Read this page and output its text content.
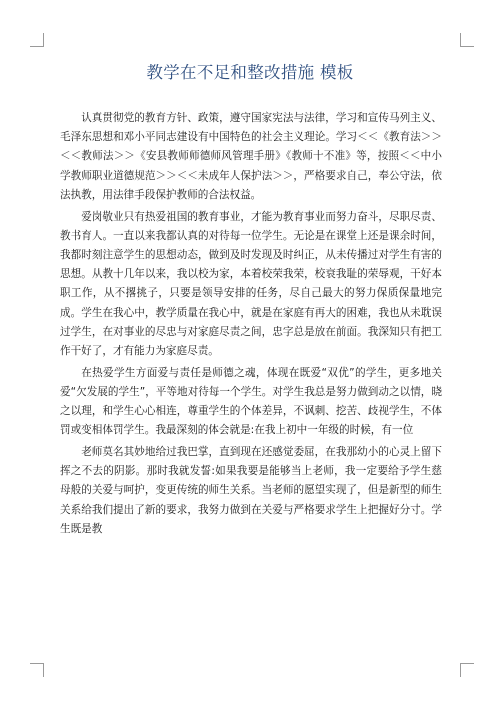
教学在不足和整改措施 模板

认真贯彻党的教育方针、政策，遵守国家宪法与法律，学习和宣传马列主义、毛泽东思想和邓小平同志建设有中国特色的社会主义理论。学习＜＜《教育法＞＞＜＜教师法＞＞《安县教师师德师风管理手册》《教师十不准》等，按照＜＜中小学教师职业道德规范＞＞＜＜未成年人保护法＞＞，严格要求自己，奉公守法，依法执教，用法律手段保护教师的合法权益。

爱岗敬业只有热爱祖国的教育事业，才能为教育事业而努力奋斗，尽职尽责、教书育人。一直以来我都认真的对待每一位学生。无论是在课堂上还是课余时间，我都时刻注意学生的思想动态，做到及时发现及时纠正，从未传播过对学生有害的思想。从教十几年以来，我以校为家，本着校荣我荣，校衰我耻的荣辱观，干好本职工作，从不撂挑子，只要是领导安排的任务，尽自己最大的努力保质保量地完成。学生在我心中，教学质量在我心中，就是在家庭有再大的困难，我也从未耽误过学生，在对事业的尽忠与对家庭尽责之间，忠字总是放在前面。我深知只有把工作干好了，才有能力为家庭尽责。

在热爱学生方面爱与责任是师德之魂，体现在既爱“双优”的学生，更多地关爱“欠发展的学生”，平等地对待每一个学生。对学生我总是努力做到动之以情，晓之以理，和学生心心相连，尊重学生的个体差异，不讽刺、挖苦、歧视学生，不体罚或变相体罚学生。我最深刻的体会就是:在我上初中一年级的时候，有一位

老师莫名其妙地给过我巴掌，直到现在还感觉委屈，在我那幼小的心灵上留下挥之不去的阴影。那时我就发誓:如果我要是能够当上老师，我一定要给予学生慈母般的关爱与呵护，变更传统的师生关系。当老师的愿望实现了，但是新型的师生关系给我们提出了新的要求，我努力做到在关爱与严格要求学生上把握好分寸。学生既是教
